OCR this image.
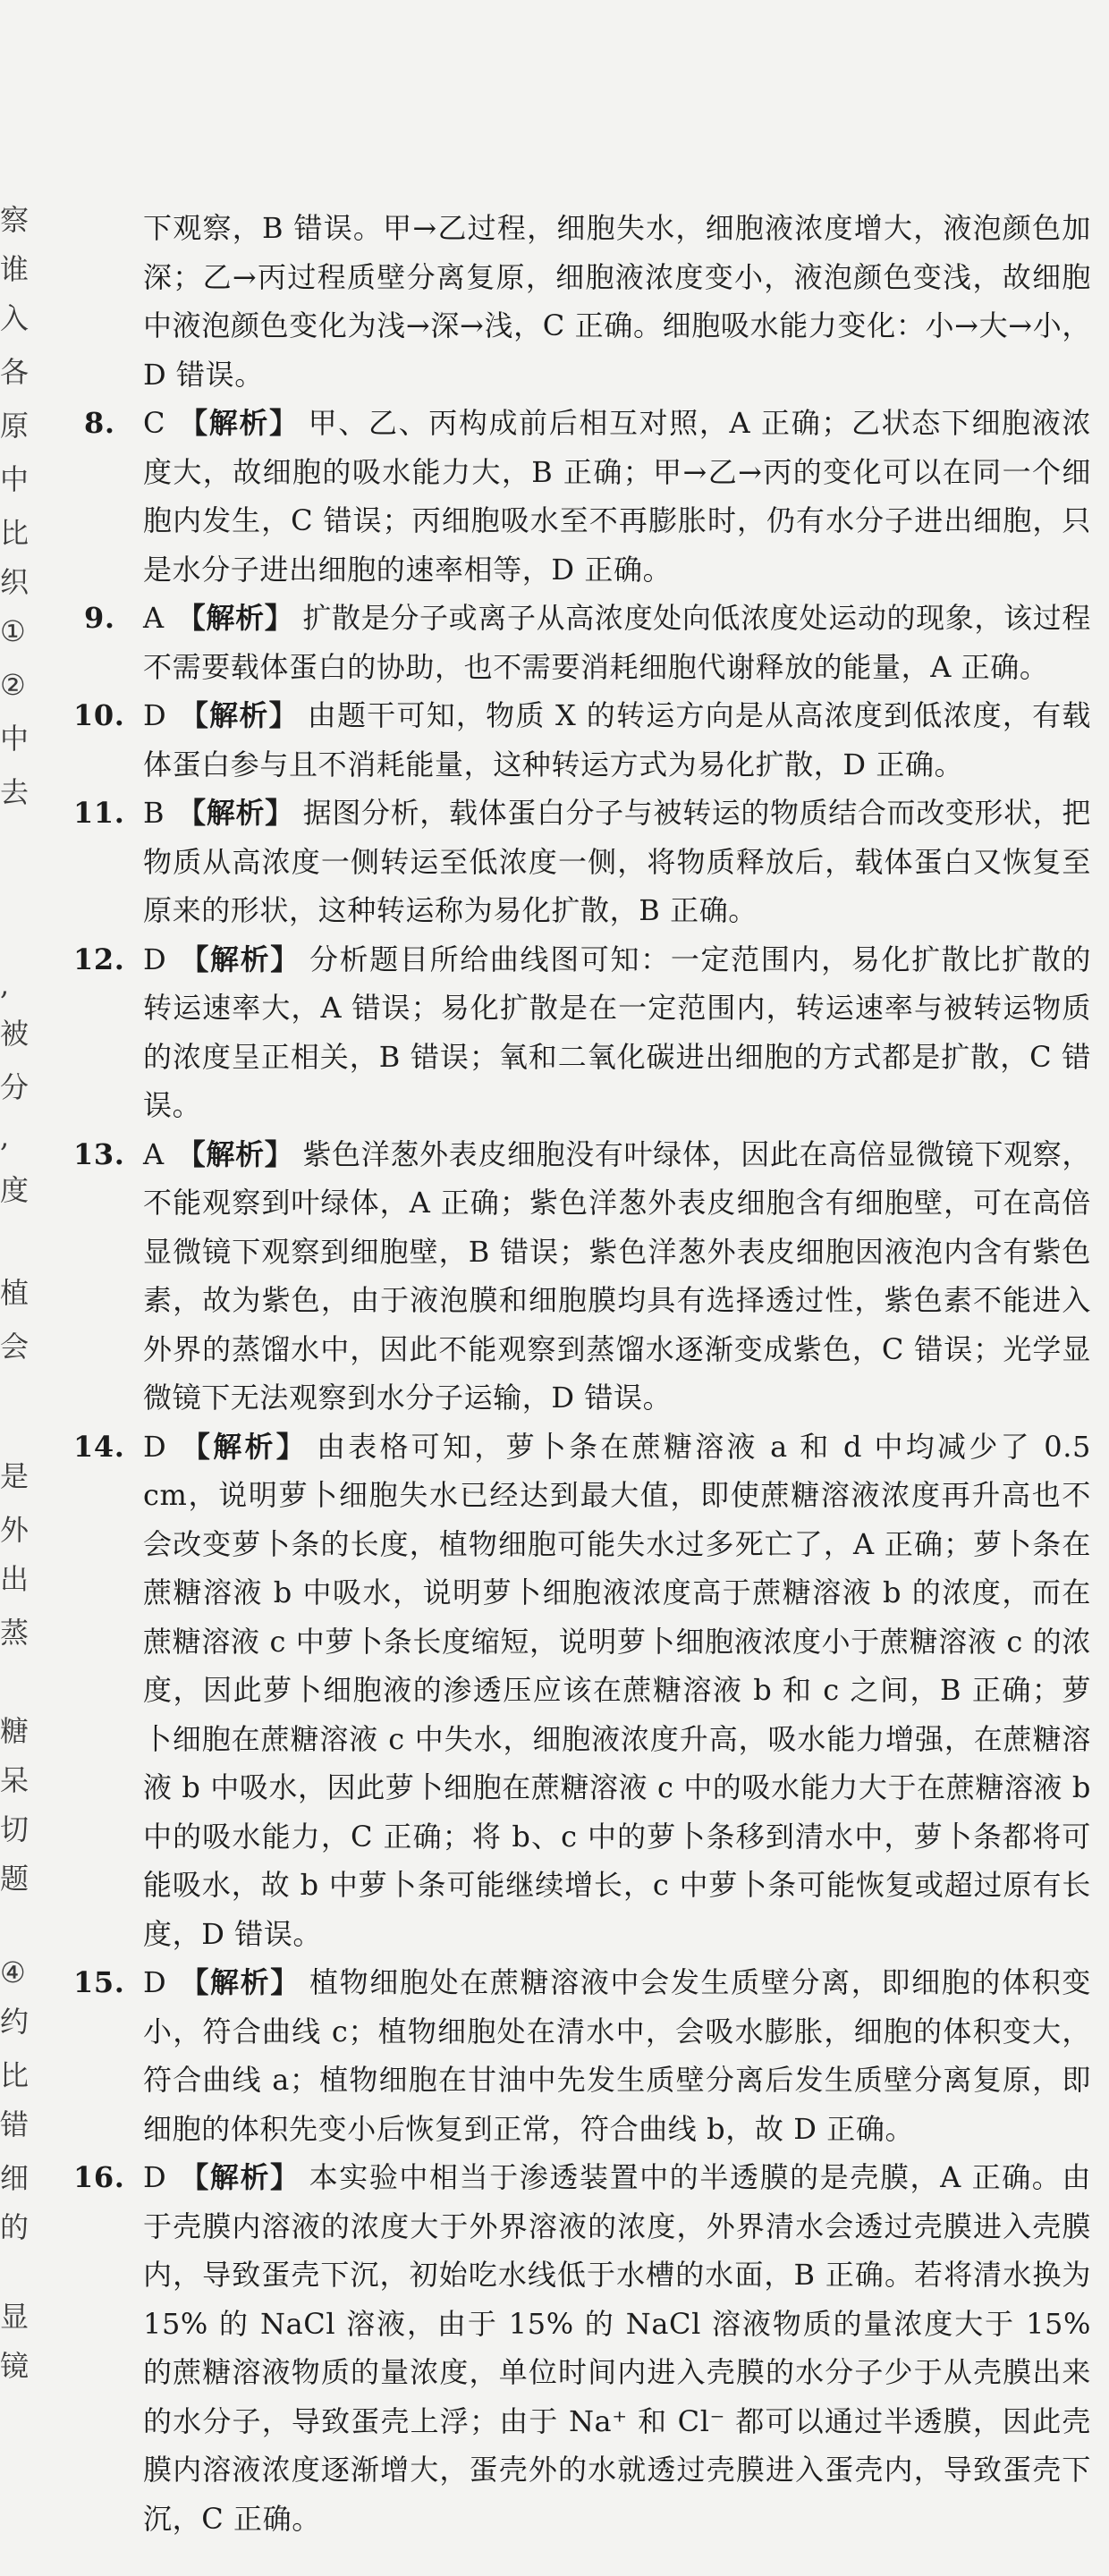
察
谁
入
各
原
中
比
织
①
②
中
去
,
被
分
,
度
植
会
是
外
出
蒸
糖
呆
切
题
④
约
比
错
细
的
显
镜

下观察，B 错误。甲→乙过程，细胞失水，细胞液浓度增大，液泡颜色加深；乙→丙过程质壁分离复原，细胞液浓度变小，液泡颜色变浅，故细胞中液泡颜色变化为浅→深→浅，C 正确。细胞吸水能力变化：小→大→小，D 错误。

8. C 【解析】 甲、乙、丙构成前后相互对照，A 正确；乙状态下细胞液浓度大，故细胞的吸水能力大，B 正确；甲→乙→丙的变化可以在同一个细胞内发生，C 错误；丙细胞吸水至不再膨胀时，仍有水分子进出细胞，只是水分子进出细胞的速率相等，D 正确。
9. A 【解析】 扩散是分子或离子从高浓度处向低浓度处运动的现象，该过程不需要载体蛋白的协助，也不需要消耗细胞代谢释放的能量，A 正确。
10. D 【解析】 由题干可知，物质 X 的转运方向是从高浓度到低浓度，有载体蛋白参与且不消耗能量，这种转运方式为易化扩散，D 正确。
11. B 【解析】 据图分析，载体蛋白分子与被转运的物质结合而改变形状，把物质从高浓度一侧转运至低浓度一侧，将物质释放后，载体蛋白又恢复至原来的形状，这种转运称为易化扩散，B 正确。
12. D 【解析】 分析题目所给曲线图可知：一定范围内，易化扩散比扩散的转运速率大，A 错误；易化扩散是在一定范围内，转运速率与被转运物质的浓度呈正相关，B 错误；氧和二氧化碳进出细胞的方式都是扩散，C 错误。
13. A 【解析】 紫色洋葱外表皮细胞没有叶绿体，因此在高倍显微镜下观察，不能观察到叶绿体，A 正确；紫色洋葱外表皮细胞含有细胞壁，可在高倍显微镜下观察到细胞壁，B 错误；紫色洋葱外表皮细胞因液泡内含有紫色素，故为紫色，由于液泡膜和细胞膜均具有选择透过性，紫色素不能进入外界的蒸馏水中，因此不能观察到蒸馏水逐渐变成紫色，C 错误；光学显微镜下无法观察到水分子运输，D 错误。
14. D 【解析】 由表格可知，萝卜条在蔗糖溶液 a 和 d 中均减少了 0.5 cm，说明萝卜细胞失水已经达到最大值，即使蔗糖溶液浓度再升高也不会改变萝卜条的长度，植物细胞可能失水过多死亡了，A 正确；萝卜条在蔗糖溶液 b 中吸水，说明萝卜细胞液浓度高于蔗糖溶液 b 的浓度，而在蔗糖溶液 c 中萝卜条长度缩短，说明萝卜细胞液浓度小于蔗糖溶液 c 的浓度，因此萝卜细胞液的渗透压应该在蔗糖溶液 b 和 c 之间，B 正确；萝卜细胞在蔗糖溶液 c 中失水，细胞液浓度升高，吸水能力增强，在蔗糖溶液 b 中吸水，因此萝卜细胞在蔗糖溶液 c 中的吸水能力大于在蔗糖溶液 b 中的吸水能力，C 正确；将 b、c 中的萝卜条移到清水中，萝卜条都将可能吸水，故 b 中萝卜条可能继续增长，c 中萝卜条可能恢复或超过原有长度，D 错误。
15. D 【解析】 植物细胞处在蔗糖溶液中会发生质壁分离，即细胞的体积变小，符合曲线 c；植物细胞处在清水中，会吸水膨胀，细胞的体积变大，符合曲线 a；植物细胞在甘油中先发生质壁分离后发生质壁分离复原，即细胞的体积先变小后恢复到正常，符合曲线 b，故 D 正确。
16. D 【解析】 本实验中相当于渗透装置中的半透膜的是壳膜，A 正确。由于壳膜内溶液的浓度大于外界溶液的浓度，外界清水会透过壳膜进入壳膜内，导致蛋壳下沉，初始吃水线低于水槽的水面，B 正确。若将清水换为 15% 的 NaCl 溶液，由于 15% 的 NaCl 溶液物质的量浓度大于 15% 的蔗糖溶液物质的量浓度，单位时间内进入壳膜的水分子少于从壳膜出来的水分子，导致蛋壳上浮；由于 Na⁺ 和 Cl⁻ 都可以通过半透膜，因此壳膜内溶液浓度逐渐增大，蛋壳外的水就透过壳膜进入蛋壳内，导致蛋壳下沉，C 正确。
